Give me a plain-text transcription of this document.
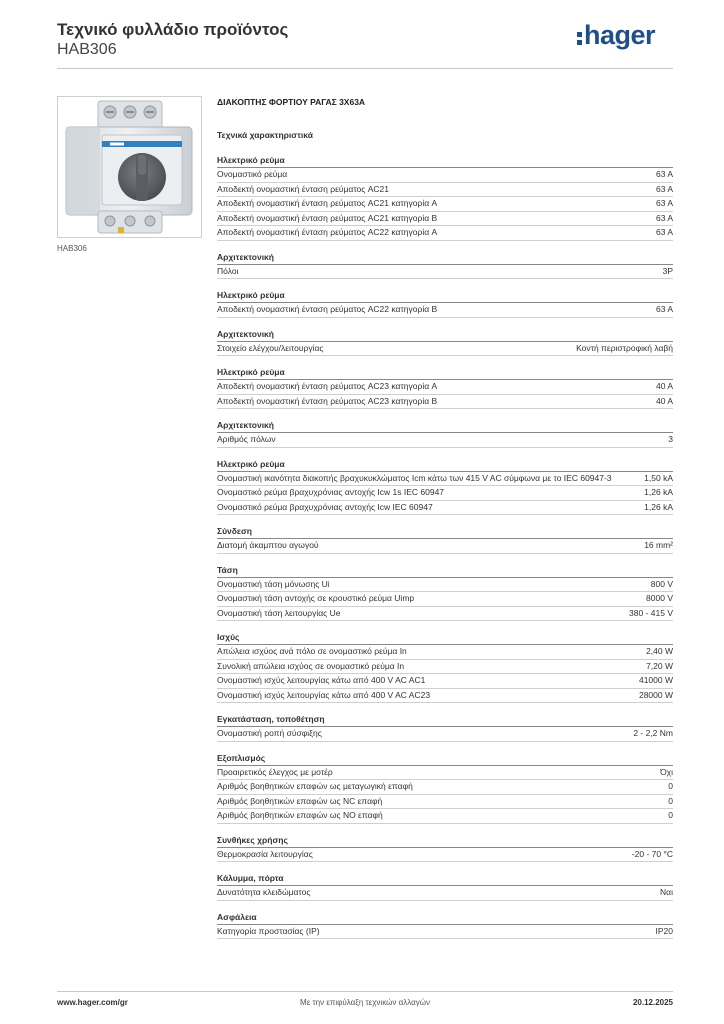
Τεχνικό φυλλάδιο προϊόντος
HAB306	hager
HAB306
ΔΙΑΚΟΠΤΗΣ ΦΟΡΤΙΟΥ ΡΑΓΑΣ 3Χ63Α
Τεχνικά χαρακτηριστικά
Ηλεκτρικό ρεύμα
Ονομαστικό ρεύμα	63 A
Αποδεκτή ονομαστική ένταση ρεύματος AC21	63 A
Αποδεκτή ονομαστική ένταση ρεύματος AC21 κατηγορία A	63 A
Αποδεκτή ονομαστική ένταση ρεύματος AC21 κατηγορία B	63 A
Αποδεκτή ονομαστική ένταση ρεύματος AC22 κατηγορία A	63 A
Αρχιτεκτονική
Πόλοι	3P
Ηλεκτρικό ρεύμα
Αποδεκτή ονομαστική ένταση ρεύματος AC22 κατηγορία B	63 A
Αρχιτεκτονική
Στοιχείο ελέγχου/λειτουργίας	Κοντή περιστροφική λαβή
Ηλεκτρικό ρεύμα
Αποδεκτή ονομαστική ένταση ρεύματος AC23 κατηγορία A	40 A
Αποδεκτή ονομαστική ένταση ρεύματος AC23 κατηγορία B	40 A
Αρχιτεκτονική
Αριθμός πόλων	3
Ηλεκτρικό ρεύμα
Ονομαστική ικανότητα διακοπής βραχυκυκλώματος Icm κάτω των 415 V AC σύμφωνα με το IEC 60947-3	1,50 kA
Ονομαστικό ρεύμα βραχυχρόνιας αντοχής Icw 1s IEC 60947	1,26 kA
Ονομαστικό ρεύμα βραχυχρόνιας αντοχής Icw IEC 60947	1,26 kA
Σύνδεση
Διατομή άκαμπτου αγωγού	16 mm²
Τάση
Ονομαστική τάση μόνωσης Ui	800 V
Ονομαστική τάση αντοχής σε κρουστικό ρεύμα Uimp	8000 V
Ονομαστική τάση λειτουργίας Ue	380 - 415 V
Ισχύς
Απώλεια ισχύος ανά πόλο σε ονομαστικό ρεύμα In	2,40 W
Συνολική απώλεια ισχύος σε ονομαστικό ρεύμα In	7,20 W
Ονομαστική ισχύς λειτουργίας κάτω από 400 V AC AC1	41000 W
Ονομαστική ισχύς λειτουργίας κάτω από 400 V AC AC23	28000 W
Εγκατάσταση, τοποθέτηση
Ονομαστική ροπή σύσφιξης	2 - 2,2 Nm
Εξοπλισμός
Προαιρετικός έλεγχος με μοτέρ	Όχι
Αριθμός βοηθητικών επαφών ως μεταγωγική επαφή	0
Αριθμός βοηθητικών επαφών ως NC επαφή	0
Αριθμός βοηθητικών επαφών ως NO επαφή	0
Συνθήκες χρήσης
Θερμοκρασία λειτουργίας	-20 - 70 °C
Κάλυμμα, πόρτα
Δυνατότητα κλειδώματος	Ναι
Ασφάλεια
Κατηγορία προστασίας (IP)	IP20
www.hager.com/gr	Με την επιφύλαξη τεχνικών αλλαγών	20.12.2025
